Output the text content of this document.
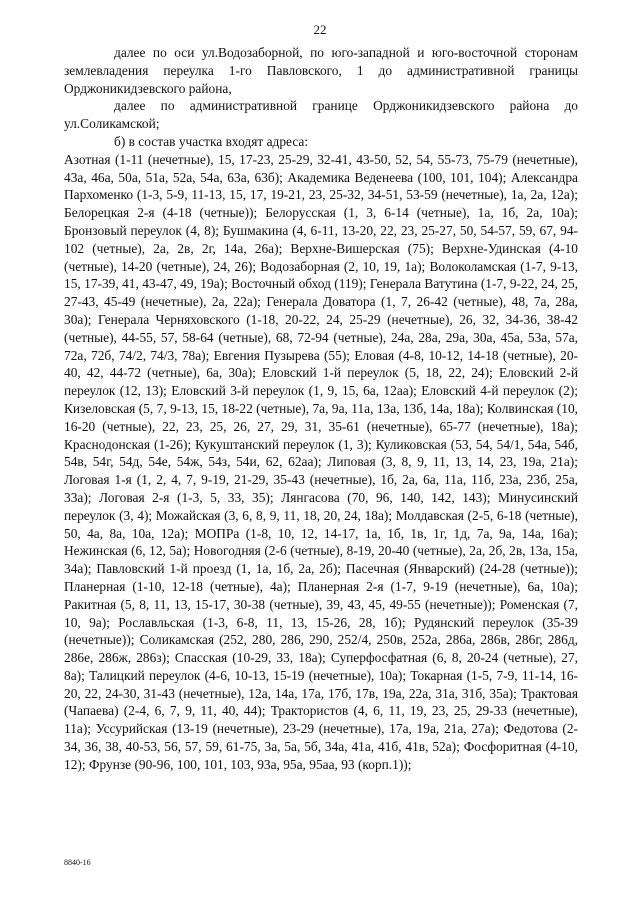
22

далее по оси ул.Водозаборной, по юго-западной и юго-восточной сторонам землевладения переулка 1-го Павловского, 1 до административной границы Орджоникидзевского района,

далее по административной границе Орджоникидзевского района до ул.Соликамской;

б) в состав участка входят адреса:

Азотная (1-11 (нечетные), 15, 17-23, 25-29, 32-41, 43-50, 52, 54, 55-73, 75-79 (нечетные), 43а, 46а, 50а, 51а, 52а, 54а, 63а, 63б); Академика Веденеева (100, 101, 104); Александра Пархоменко (1-3, 5-9, 11-13, 15, 17, 19-21, 23, 25-32, 34-51, 53-59 (нечетные), 1а, 2а, 12а); Белорецкая 2-я (4-18 (четные)); Белорусская (1, 3, 6-14 (четные), 1а, 1б, 2а, 10а); Бронзовый переулок (4, 8); Бушмакина (4, 6-11, 13-20, 22, 23, 25-27, 50, 54-57, 59, 67, 94-102 (четные), 2а, 2в, 2г, 14а, 26а); Верхне-Вишерская (75); Верхне-Удинская (4-10 (четные), 14-20 (четные), 24, 26); Водозаборная (2, 10, 19, 1а); Волоколамская (1-7, 9-13, 15, 17-39, 41, 43-47, 49, 19а); Восточный обход (119); Генерала Ватутина (1-7, 9-22, 24, 25, 27-43, 45-49 (нечетные), 2а, 22а); Генерала Доватора (1, 7, 26-42 (четные), 48, 7а, 28а, 30а); Генерала Черняховского (1-18, 20-22, 24, 25-29 (нечетные), 26, 32, 34-36, 38-42 (четные), 44-55, 57, 58-64 (четные), 68, 72-94 (четные), 24а, 28а, 29а, 30а, 45а, 53а, 57а, 72а, 72б, 74/2, 74/3, 78а); Евгения Пузырева (55); Еловая (4-8, 10-12, 14-18 (четные), 20-40, 42, 44-72 (четные), 6а, 30а); Еловский 1-й переулок (5, 18, 22, 24); Еловский 2-й переулок (12, 13); Еловский 3-й переулок (1, 9, 15, 6а, 12аа); Еловский 4-й переулок (2); Кизеловская (5, 7, 9-13, 15, 18-22 (четные), 7а, 9а, 11а, 13а, 13б, 14а, 18а); Колвинская (10, 16-20 (четные), 22, 23, 25, 26, 27, 29, 31, 35-61 (нечетные), 65-77 (нечетные), 18а); Краснодонская (1-26); Кукуштанский переулок (1, 3); Куликовская (53, 54, 54/1, 54а, 54б, 54в, 54г, 54д, 54е, 54ж, 54з, 54и, 62, 62аа); Липовая (3, 8, 9, 11, 13, 14, 23, 19а, 21а); Логовая 1-я (1, 2, 4, 7, 9-19, 21-29, 35-43 (нечетные), 1б, 2а, 6а, 11а, 11б, 23а, 23б, 25а, 33а); Логовая 2-я (1-3, 5, 33, 35); Лянгасова (70, 96, 140, 142, 143); Минусинский переулок (3, 4); Можайская (3, 6, 8, 9, 11, 18, 20, 24, 18а); Молдавская (2-5, 6-18 (четные), 50, 4а, 8а, 10а, 12а); МОПРа (1-8, 10, 12, 14-17, 1а, 1б, 1в, 1г, 1д, 7а, 9а, 14а, 16а); Нежинская (6, 12, 5а); Новогодняя (2-6 (четные), 8-19, 20-40 (четные), 2а, 2б, 2в, 13а, 15а, 34а); Павловский 1-й проезд (1, 1а, 1б, 2а, 2б); Пасечная (Январский) (24-28 (четные)); Планерная (1-10, 12-18 (четные), 4а); Планерная 2-я (1-7, 9-19 (нечетные), 6а, 10а); Ракитная (5, 8, 11, 13, 15-17, 30-38 (четные), 39, 43, 45, 49-55 (нечетные)); Роменская (7, 10, 9а); Рославльская (1-3, 6-8, 11, 13, 15-26, 28, 1б); Рудянский переулок (35-39 (нечетные)); Соликамская (252, 280, 286, 290, 252/4, 250в, 252а, 286а, 286в, 286г, 286д, 286е, 286ж, 286з); Спасская (10-29, 33, 18а); Суперфосфатная (6, 8, 20-24 (четные), 27, 8а); Талицкий переулок (4-6, 10-13, 15-19 (нечетные), 10а); Токарная (1-5, 7-9, 11-14, 16-20, 22, 24-30, 31-43 (нечетные), 12а, 14а, 17а, 17б, 17в, 19а, 22а, 31а, 31б, 35а); Трактовая (Чапаева) (2-4, 6, 7, 9, 11, 40, 44); Трактористов (4, 6, 11, 19, 23, 25, 29-33 (нечетные), 11а); Уссурийская (13-19 (нечетные), 23-29 (нечетные), 17а, 19а, 21а, 27а); Федотова (2-34, 36, 38, 40-53, 56, 57, 59, 61-75, 3а, 5а, 5б, 34а, 41а, 41б, 41в, 52а); Фосфоритная (4-10, 12); Фрунзе (90-96, 100, 101, 103, 93а, 95а, 95аа, 93 (корп.1));

8840-16
